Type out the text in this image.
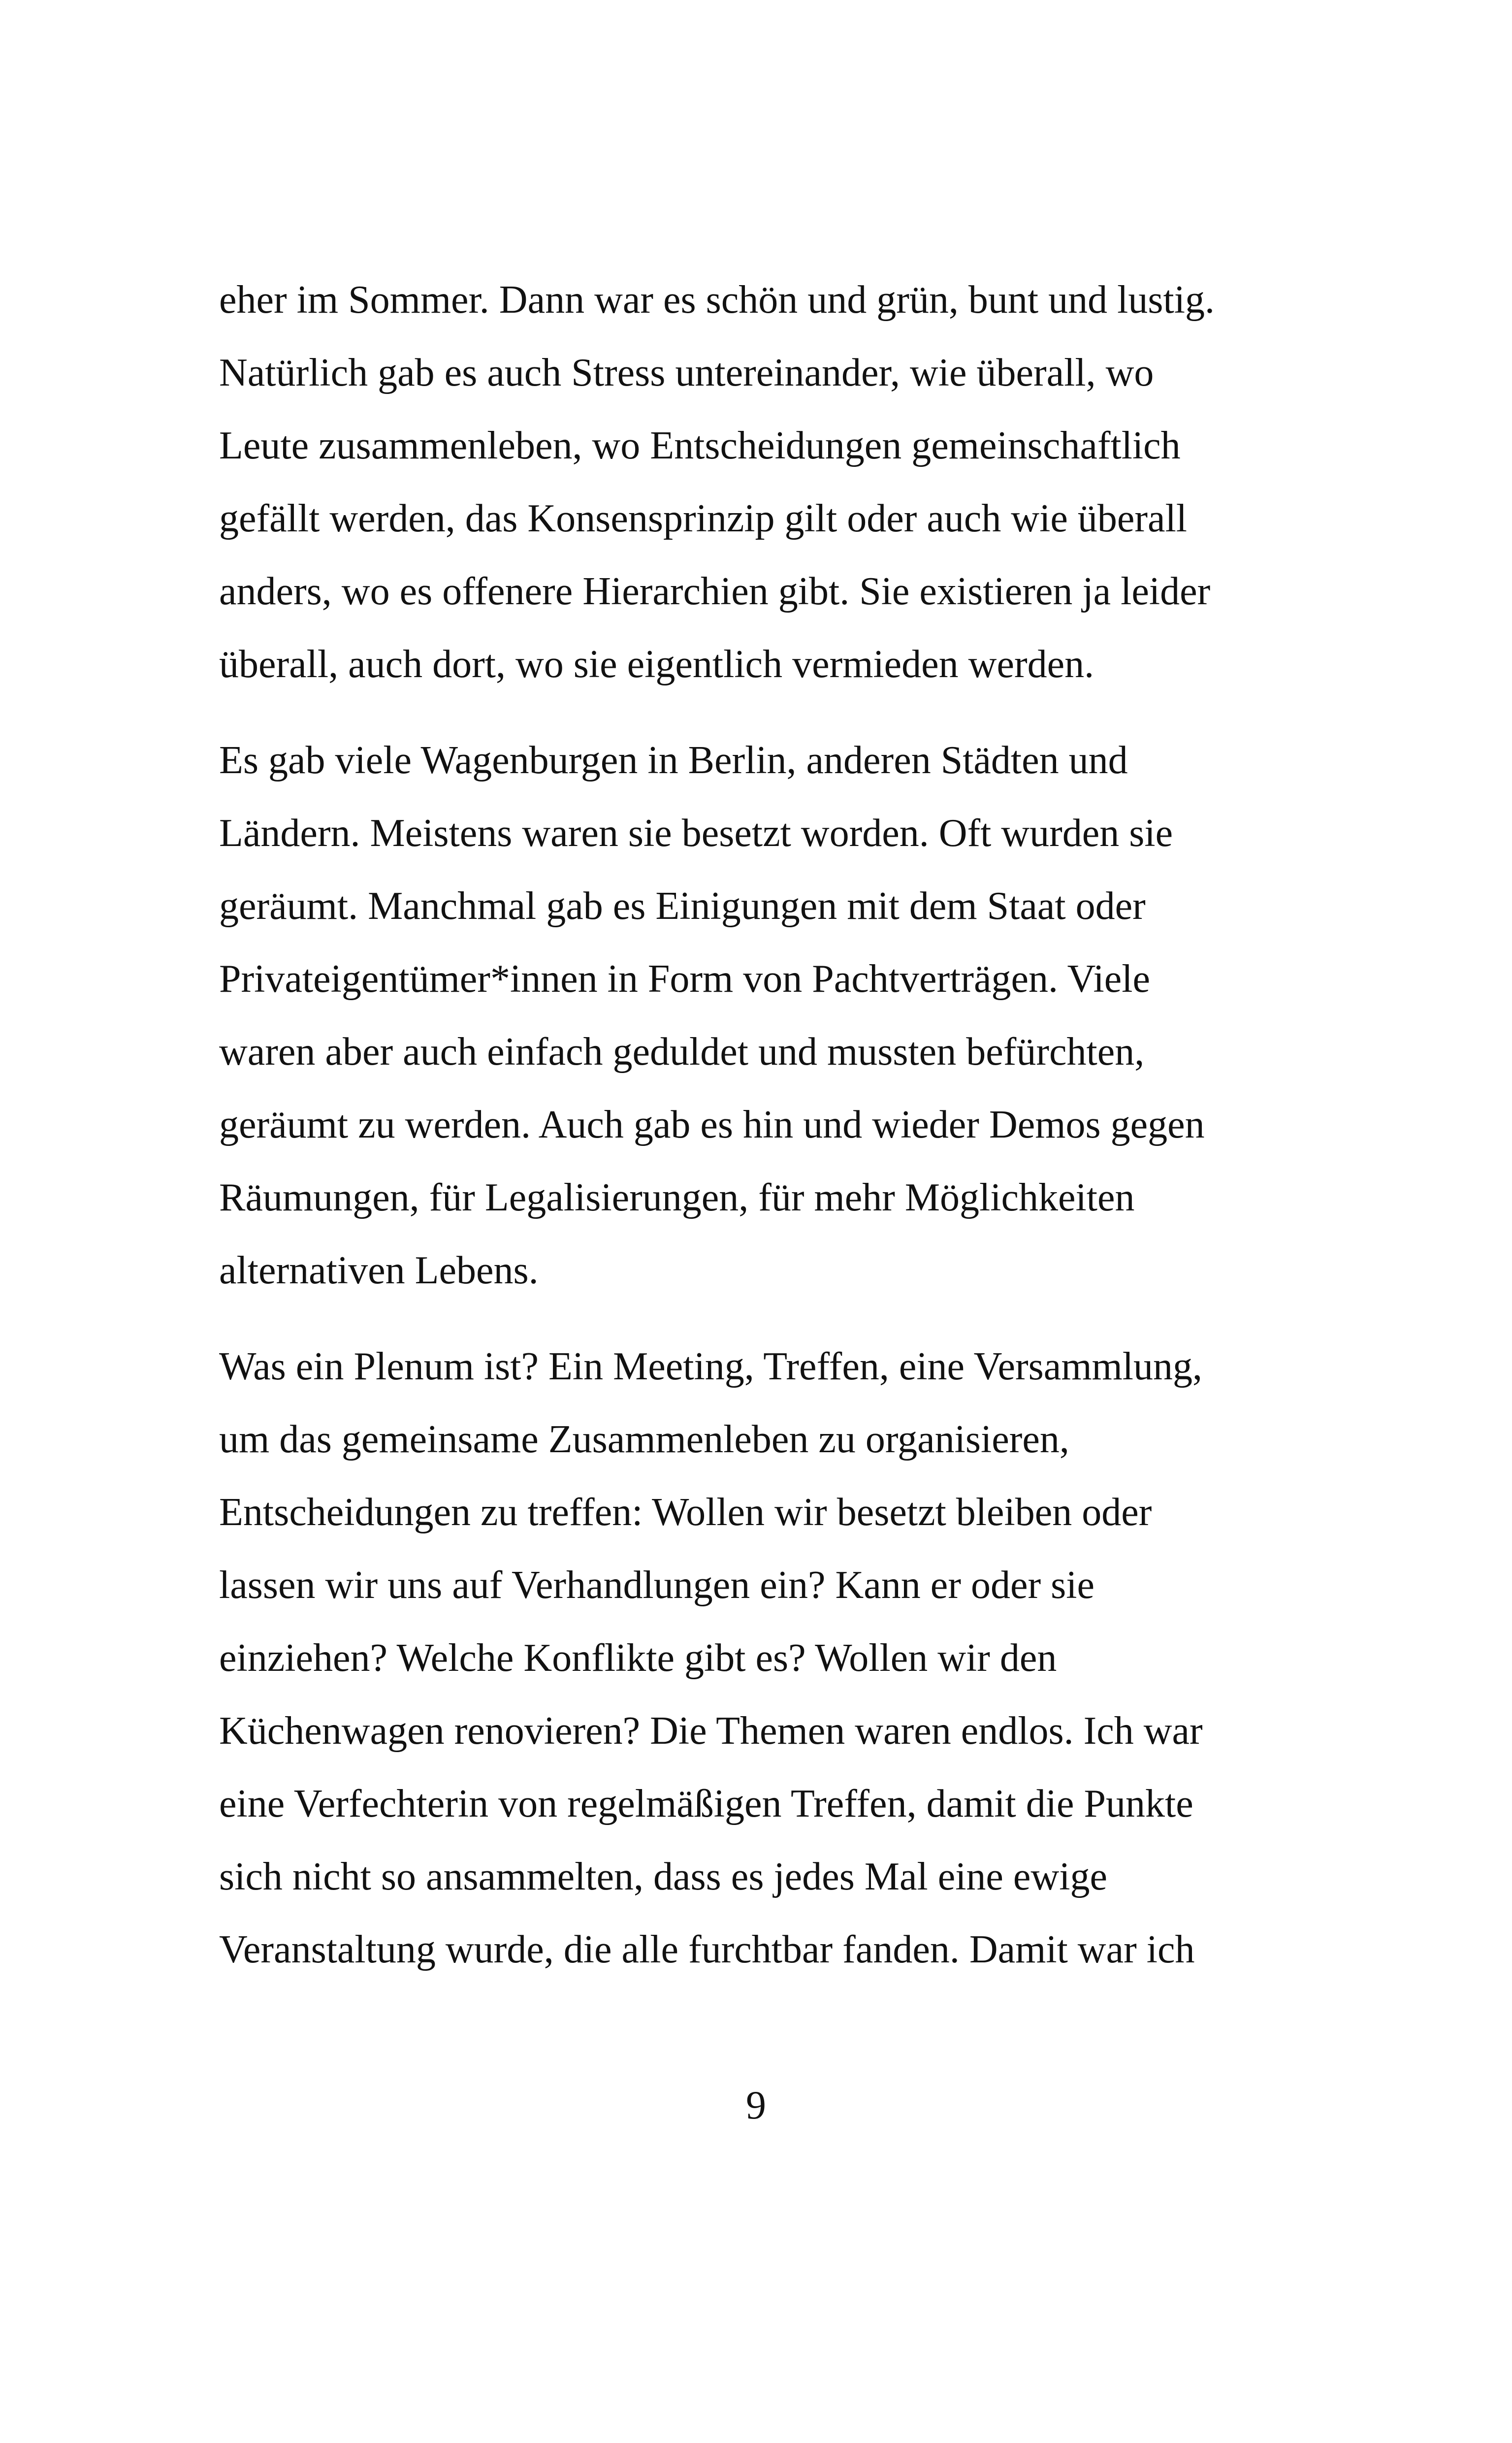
eher im Sommer. Dann war es schön und grün, bunt und lustig.
Natürlich gab es auch Stress untereinander, wie überall, wo
Leute zusammenleben, wo Entscheidungen gemeinschaftlich
gefällt werden, das Konsensprinzip gilt oder auch wie überall
anders, wo es offenere Hierarchien gibt. Sie existieren ja leider
überall, auch dort, wo sie eigentlich vermieden werden.

Es gab viele Wagenburgen in Berlin, anderen Städten und
Ländern. Meistens waren sie besetzt worden. Oft wurden sie
geräumt. Manchmal gab es Einigungen mit dem Staat oder
Privateigentümer*innen in Form von Pachtverträgen. Viele
waren aber auch einfach geduldet und mussten befürchten,
geräumt zu werden. Auch gab es hin und wieder Demos gegen
Räumungen, für Legalisierungen, für mehr Möglichkeiten
alternativen Lebens.

Was ein Plenum ist? Ein Meeting, Treffen, eine Versammlung,
um das gemeinsame Zusammenleben zu organisieren,
Entscheidungen zu treffen: Wollen wir besetzt bleiben oder
lassen wir uns auf Verhandlungen ein? Kann er oder sie
einziehen? Welche Konflikte gibt es? Wollen wir den
Küchenwagen renovieren? Die Themen waren endlos. Ich war
eine Verfechterin von regelmäßigen Treffen, damit die Punkte
sich nicht so ansammelten, dass es jedes Mal eine ewige
Veranstaltung wurde, die alle furchtbar fanden. Damit war ich

9
